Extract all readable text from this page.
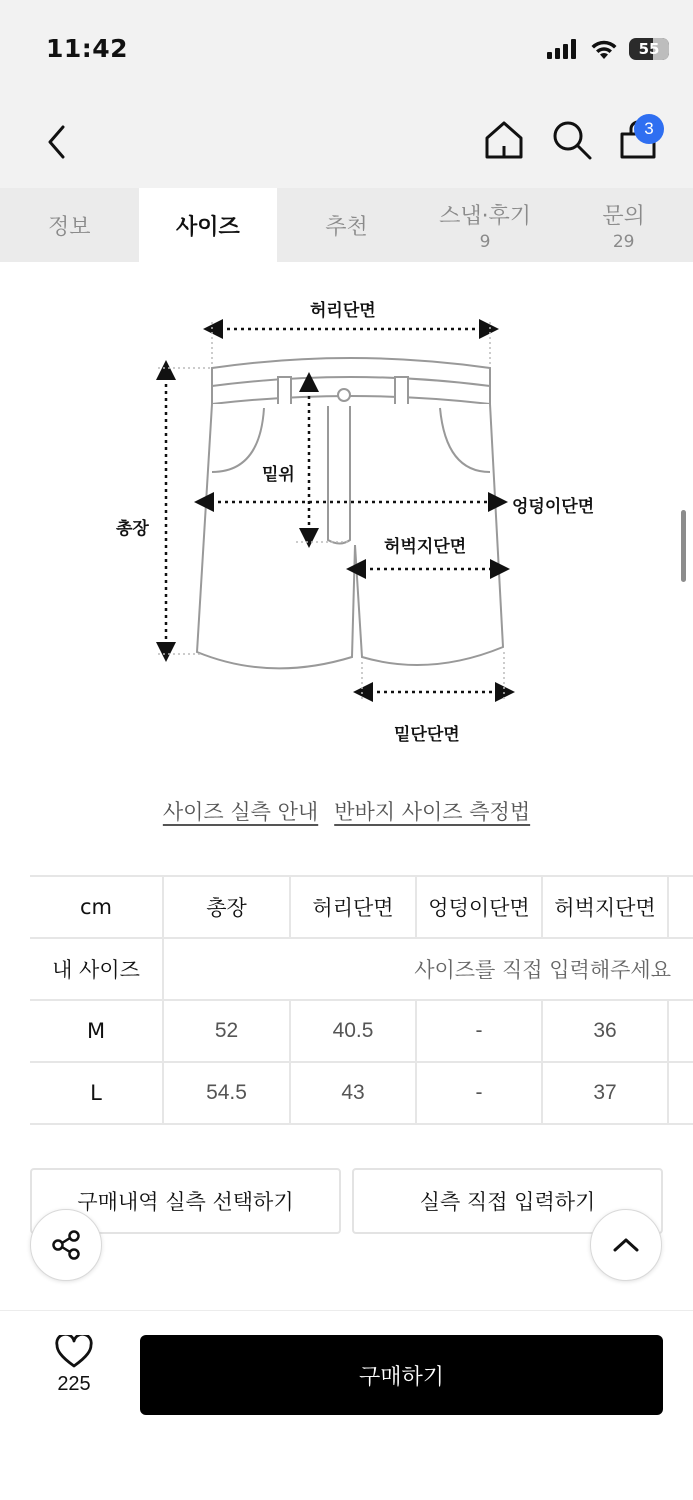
11:42	55
3
정보	사이즈	추천	스냅·후기
9
문의
29
허리단면
밑위
총장
엉덩이단면
허벅지단면
밑단단면
사이즈 실측 안내 반바지 사이즈 측정법
cm	총장	허리단면	엉덩이단면	허벅지단면	
내 사이즈	사이즈를 직접 입력해주세요				
M	52	40.5	-	36	
L	54.5	43	-	37	
구매내역 실측 선택하기	실측 직접 입력하기
225	구매하기
